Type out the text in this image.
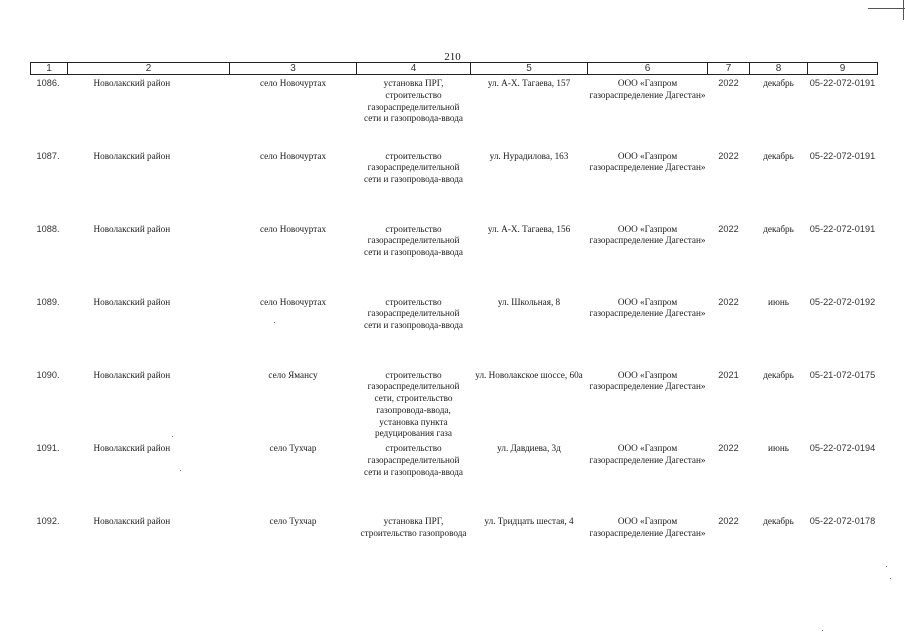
210
1	2	3	4	5	6	7	8	9
1086.	Новолакский район	село Новочуртах	установка ПРГ, строительство газораспределительной сети и газопровода-ввода	ул. А-Х. Тагаева, 157	ООО «Газпром газораспределение Дагестан»	2022	декабрь	05-22-072-0191
1087.	Новолакский район	село Новочуртах	строительство газораспределительной сети и газопровода-ввода	ул. Нурадилова, 163	ООО «Газпром газораспределение Дагестан»	2022	декабрь	05-22-072-0191
1088.	Новолакский район	село Новочуртах	строительство газораспределительной сети и газопровода-ввода	ул. А-Х. Тагаева, 156	ООО «Газпром газораспределение Дагестан»	2022	декабрь	05-22-072-0191
1089.	Новолакский район	село Новочуртах	строительство газораспределительной сети и газопровода-ввода	ул. Школьная, 8	ООО «Газпром газораспределение Дагестан»	2022	июнь	05-22-072-0192
1090.	Новолакский район	село Ямансу	строительство газораспределительной сети, строительство газопровода-ввода, установка пункта редуцирования газа	ул. Новолакское шоссе, 60а	ООО «Газпром газораспределение Дагестан»	2021	декабрь	05-21-072-0175
1091.	Новолакский район	село Тухчар	строительство газораспределительной сети и газопровода-ввода	ул. Давдиева, 3д	ООО «Газпром газораспределение Дагестан»	2022	июнь	05-22-072-0194
1092.	Новолакский район	село Тухчар	установка ПРГ, строительство газопровода	ул. Тридцать шестая, 4	ООО «Газпром газораспределение Дагестан»	2022	декабрь	05-22-072-0178
